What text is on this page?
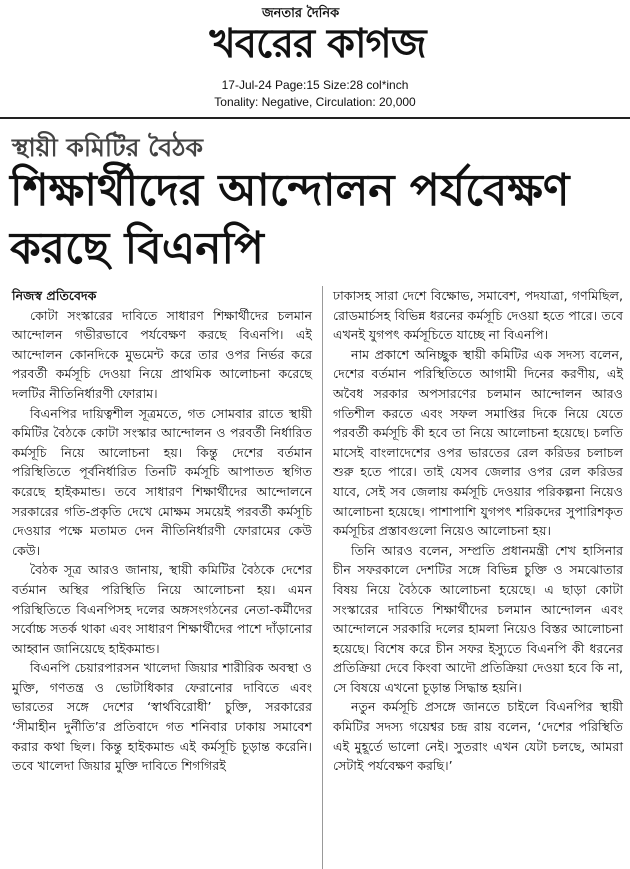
জনতার দৈনিক
খবরের কাগজ
17-Jul-24 Page:15 Size:28 col*inch
Tonality: Negative, Circulation: 20,000
স্থায়ী কমিটির বৈঠক
শিক্ষার্থীদের আন্দোলন পর্যবেক্ষণ
করছে বিএনপি

নিজস্ব প্রতিবেদক

কোটা সংস্কারের দাবিতে সাধারণ শিক্ষার্থীদের চলমান আন্দোলন গভীরভাবে পর্যবেক্ষণ করছে বিএনপি। এই আন্দোলন কোনদিকে মুভমেন্ট করে তার ওপর নির্ভর করে পরবর্তী কর্মসূচি দেওয়া নিয়ে প্রাথমিক আলোচনা করেছে দলটির নীতিনির্ধারণী ফোরাম।

বিএনপির দায়িত্বশীল সূত্রমতে, গত সোমবার রাতে স্থায়ী কমিটির বৈঠকে কোটা সংস্কার আন্দোলন ও পরবর্তী নির্ধারিত কর্মসূচি নিয়ে আলোচনা হয়। কিন্তু দেশের বর্তমান পরিস্থিতিতে পূর্বনির্ধারিত তিনটি কর্মসূচি আপাতত স্থগিত করেছে হাইকমান্ড। তবে সাধারণ শিক্ষার্থীদের আন্দোলনে সরকারের গতি-প্রকৃতি দেখে মোক্ষম সময়েই পরবর্তী কর্মসূচি দেওয়ার পক্ষে মতামত দেন নীতিনির্ধারণী ফোরামের কেউ কেউ।

বৈঠক সূত্র আরও জানায়, স্থায়ী কমিটির বৈঠকে দেশের বর্তমান অস্থির পরিস্থিতি নিয়ে আলোচনা হয়। এমন পরিস্থিতিতে বিএনপিসহ দলের অঙ্গসংগঠনের নেতা-কর্মীদের সর্বোচ্চ সতর্ক থাকা এবং সাধারণ শিক্ষার্থীদের পাশে দাঁড়ানোর আহ্বান জানিয়েছে হাইকমান্ড।

বিএনপি চেয়ারপারসন খালেদা জিয়ার শারীরিক অবস্থা ও মুক্তি, গণতন্ত্র ও ভোটাধিকার ফেরানোর দাবিতে এবং ভারতের সঙ্গে দেশের ‘স্বার্থবিরোধী’ চুক্তি, সরকারের ‘সীমাহীন দুর্নীতি’র প্রতিবাদে গত শনিবার ঢাকায় সমাবেশ করার কথা ছিল। কিন্তু হাইকমান্ড এই কর্মসূচি চূড়ান্ত করেনি। তবে খালেদা জিয়ার মুক্তি দাবিতে শিগগিরই

ঢাকাসহ সারা দেশে বিক্ষোভ, সমাবেশ, পদযাত্রা, গণমিছিল, রোডমার্চসহ বিভিন্ন ধরনের কর্মসূচি দেওয়া হতে পারে। তবে এখনই যুগপৎ কর্মসূচিতে যাচ্ছে না বিএনপি।

নাম প্রকাশে অনিচ্ছুক স্থায়ী কমিটির এক সদস্য বলেন, দেশের বর্তমান পরিস্থিতিতে আগামী দিনের করণীয়, এই অবৈধ সরকার অপসারণের চলমান আন্দোলন আরও গতিশীল করতে এবং সফল সমাপ্তির দিকে নিয়ে যেতে পরবর্তী কর্মসূচি কী হবে তা নিয়ে আলোচনা হয়েছে। চলতি মাসেই বাংলাদেশের ওপর ভারতের রেল করিডর চলাচল শুরু হতে পারে। তাই যেসব জেলার ওপর রেল করিডর যাবে, সেই সব জেলায় কর্মসূচি দেওয়ার পরিকল্পনা নিয়েও আলোচনা হয়েছে। পাশাপাশি যুগপৎ শরিকদের সুপারিশকৃত কর্মসূচির প্রস্তাবগুলো নিয়েও আলোচনা হয়।

তিনি আরও বলেন, সম্প্রতি প্রধানমন্ত্রী শেখ হাসিনার চীন সফরকালে দেশটির সঙ্গে বিভিন্ন চুক্তি ও সমঝোতার বিষয় নিয়ে বৈঠকে আলোচনা হয়েছে। এ ছাড়া কোটা সংস্কারের দাবিতে শিক্ষার্থীদের চলমান আন্দোলন এবং আন্দোলনে সরকারি দলের হামলা নিয়েও বিস্তর আলোচনা হয়েছে। বিশেষ করে চীন সফর ইস্যুতে বিএনপি কী ধরনের প্রতিক্রিয়া দেবে কিংবা আদৌ প্রতিক্রিয়া দেওয়া হবে কি না, সে বিষয়ে এখনো চূড়ান্ত সিদ্ধান্ত হয়নি।

নতুন কর্মসূচি প্রসঙ্গে জানতে চাইলে বিএনপির স্থায়ী কমিটির সদস্য গয়েশ্বর চন্দ্র রায় বলেন, ‘দেশের পরিস্থিতি এই মুহূর্তে ভালো নেই। সুতরাং এখন যেটা চলছে, আমরা সেটাই পর্যবেক্ষণ করছি।’
